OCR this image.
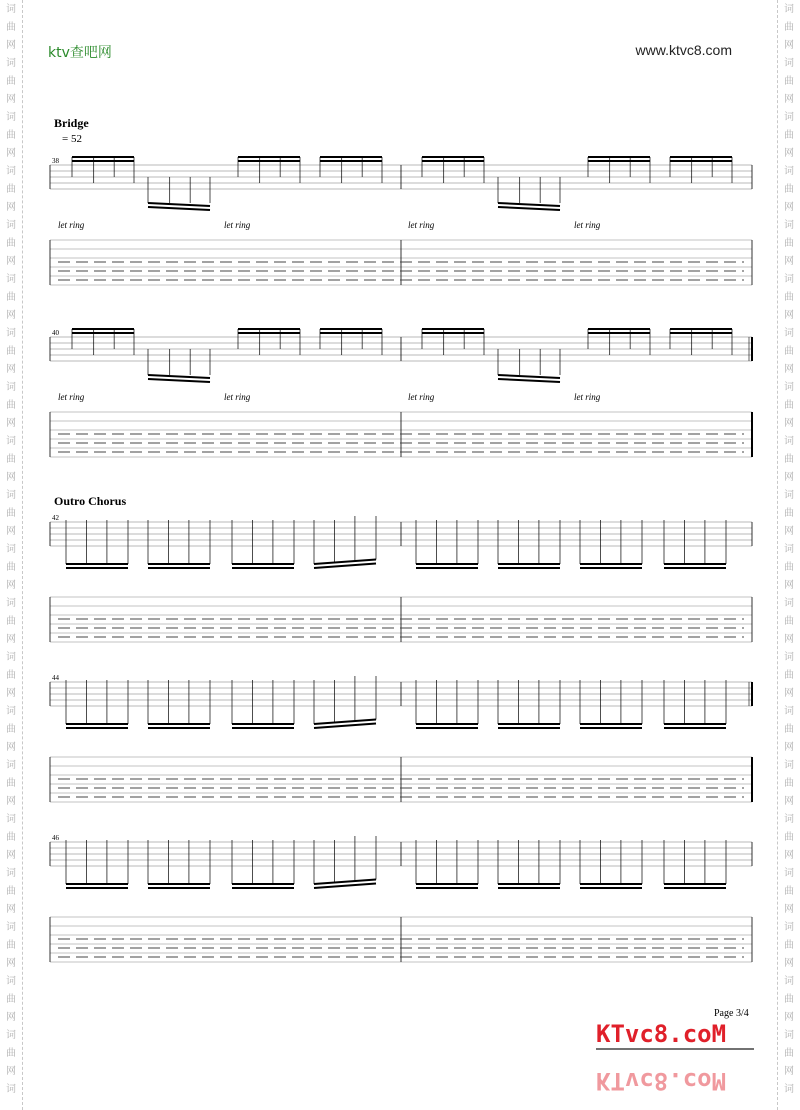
词
曲
网
词
曲
网
词
曲
网
词
曲
网
词
曲
网
词
曲
网
词
曲
网
词
曲
网
词
曲
网
词
曲
网
词
曲
网
词
曲
网
词
曲
网
词
曲
网
词
曲
网
词
曲
网
词
曲
网
词
曲
网
词
曲
网
词
曲
网
词
词
曲
网
词
曲
网
词
曲
网
词
曲
网
词
曲
网
词
曲
网
词
曲
网
词
曲
网
词
曲
网
词
曲
网
词
曲
网
词
曲
网
词
曲
网
词
曲
网
词
曲
网
词
曲
网
词
曲
网
词
曲
网
词
曲
网
词
曲
网
词
ktv查吧网	www.ktvc8.com
Bridge
= 52
Outro Chorus
38
let ring	let ring	let ring	let ring
40
let ring	let ring	let ring	let ring
42
44
46
Page 3/4
KTvc8.coM
KTvc8.coM
